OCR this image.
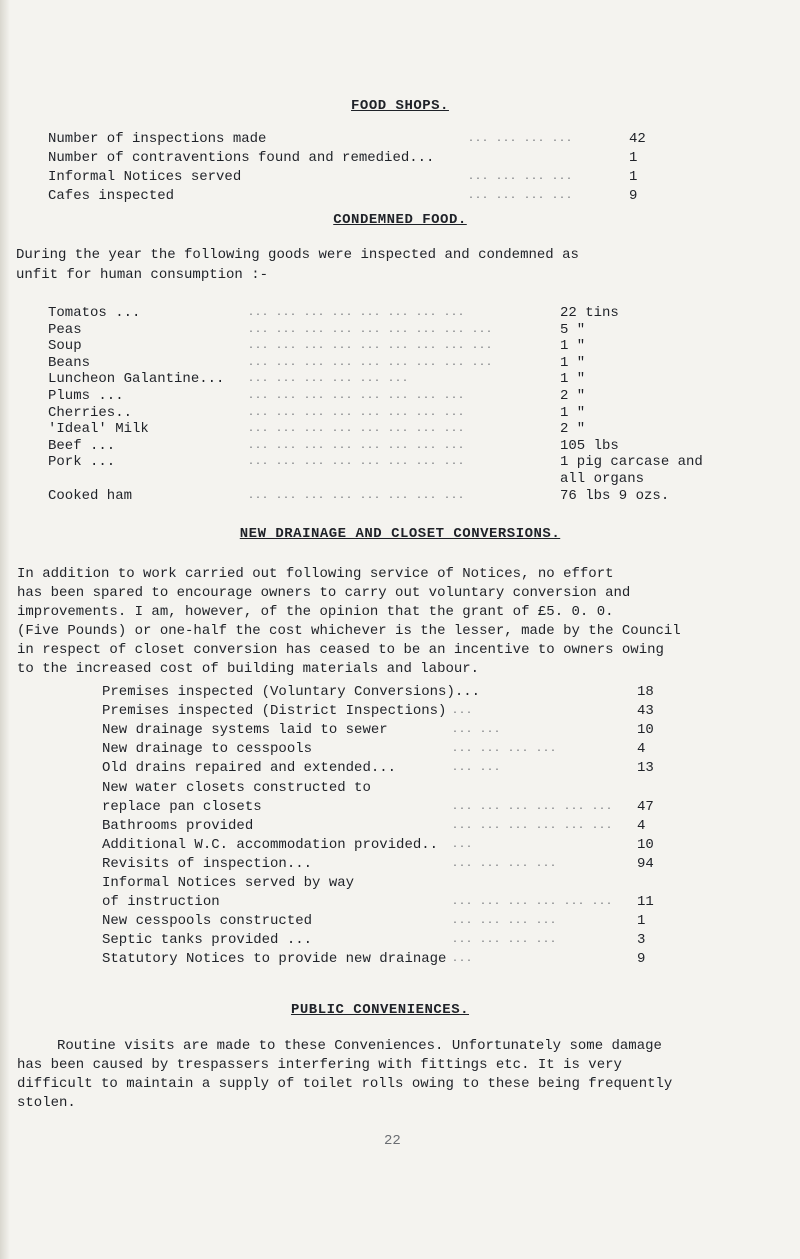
FOOD SHOPS.
Number of inspections made	... ... ... ...	42
Number of contraventions found and remedied...	1
Informal Notices served	... ... ... ...	1
Cafes inspected	... ... ... ...	9
CONDEMNED FOOD.
During the year the following goods were inspected and condemned as
unfit for human consumption :-
Tomatos ...	... ... ... ... ... ... ... ...	22 tins
Peas	... ... ... ... ... ... ... ... ...	5 "
Soup	... ... ... ... ... ... ... ... ...	1 "
Beans	... ... ... ... ... ... ... ... ...	1 "
Luncheon Galantine... ... ... ... ... ... ...	1 "
Plums ...	... ... ... ... ... ... ... ...	2 "
Cherries..	... ... ... ... ... ... ... ...	1 "
'Ideal' Milk	... ... ... ... ... ... ... ...	2 "
Beef ...	... ... ... ... ... ... ... ...	105 lbs
Pork ...	... ... ... ... ... ... ... ...	1 pig carcase and
all organs
Cooked ham	... ... ... ... ... ... ... ...	76 lbs 9 ozs.
NEW DRAINAGE AND CLOSET CONVERSIONS.
In addition to work carried out following service of Notices, no effort
has been spared to encourage owners to carry out voluntary conversion and
improvements. I am, however, of the opinion that the grant of £5. 0. 0.
(Five Pounds) or one-half the cost whichever is the lesser, made by the Council
in respect of closet conversion has ceased to be an incentive to owners owing
to the increased cost of building materials and labour.
Premises inspected (Voluntary Conversions)...	18
Premises inspected (District Inspections) ...	43
New drainage systems laid to sewer	... ...	10
New drainage to cesspools	... ... ... ...	4
Old drains repaired and extended...	... ...	13
New water closets constructed to
replace pan closets	... ... ... ... ... ... 47
Bathrooms provided	... ... ... ... ... ... 4
Additional W.C. accommodation provided.. ...	10
Revisits of inspection...	... ... ... ...	94
Informal Notices served by way
of instruction	... ... ... ... ... ... 11
New cesspools constructed	... ... ... ...	1
Septic tanks provided ...	... ... ... ...	3
Statutory Notices to provide new drainage ...	9
PUBLIC CONVENIENCES.
Routine visits are made to these Conveniences. Unfortunately some damage
has been caused by trespassers interfering with fittings etc. It is very
difficult to maintain a supply of toilet rolls owing to these being frequently
stolen.
22
